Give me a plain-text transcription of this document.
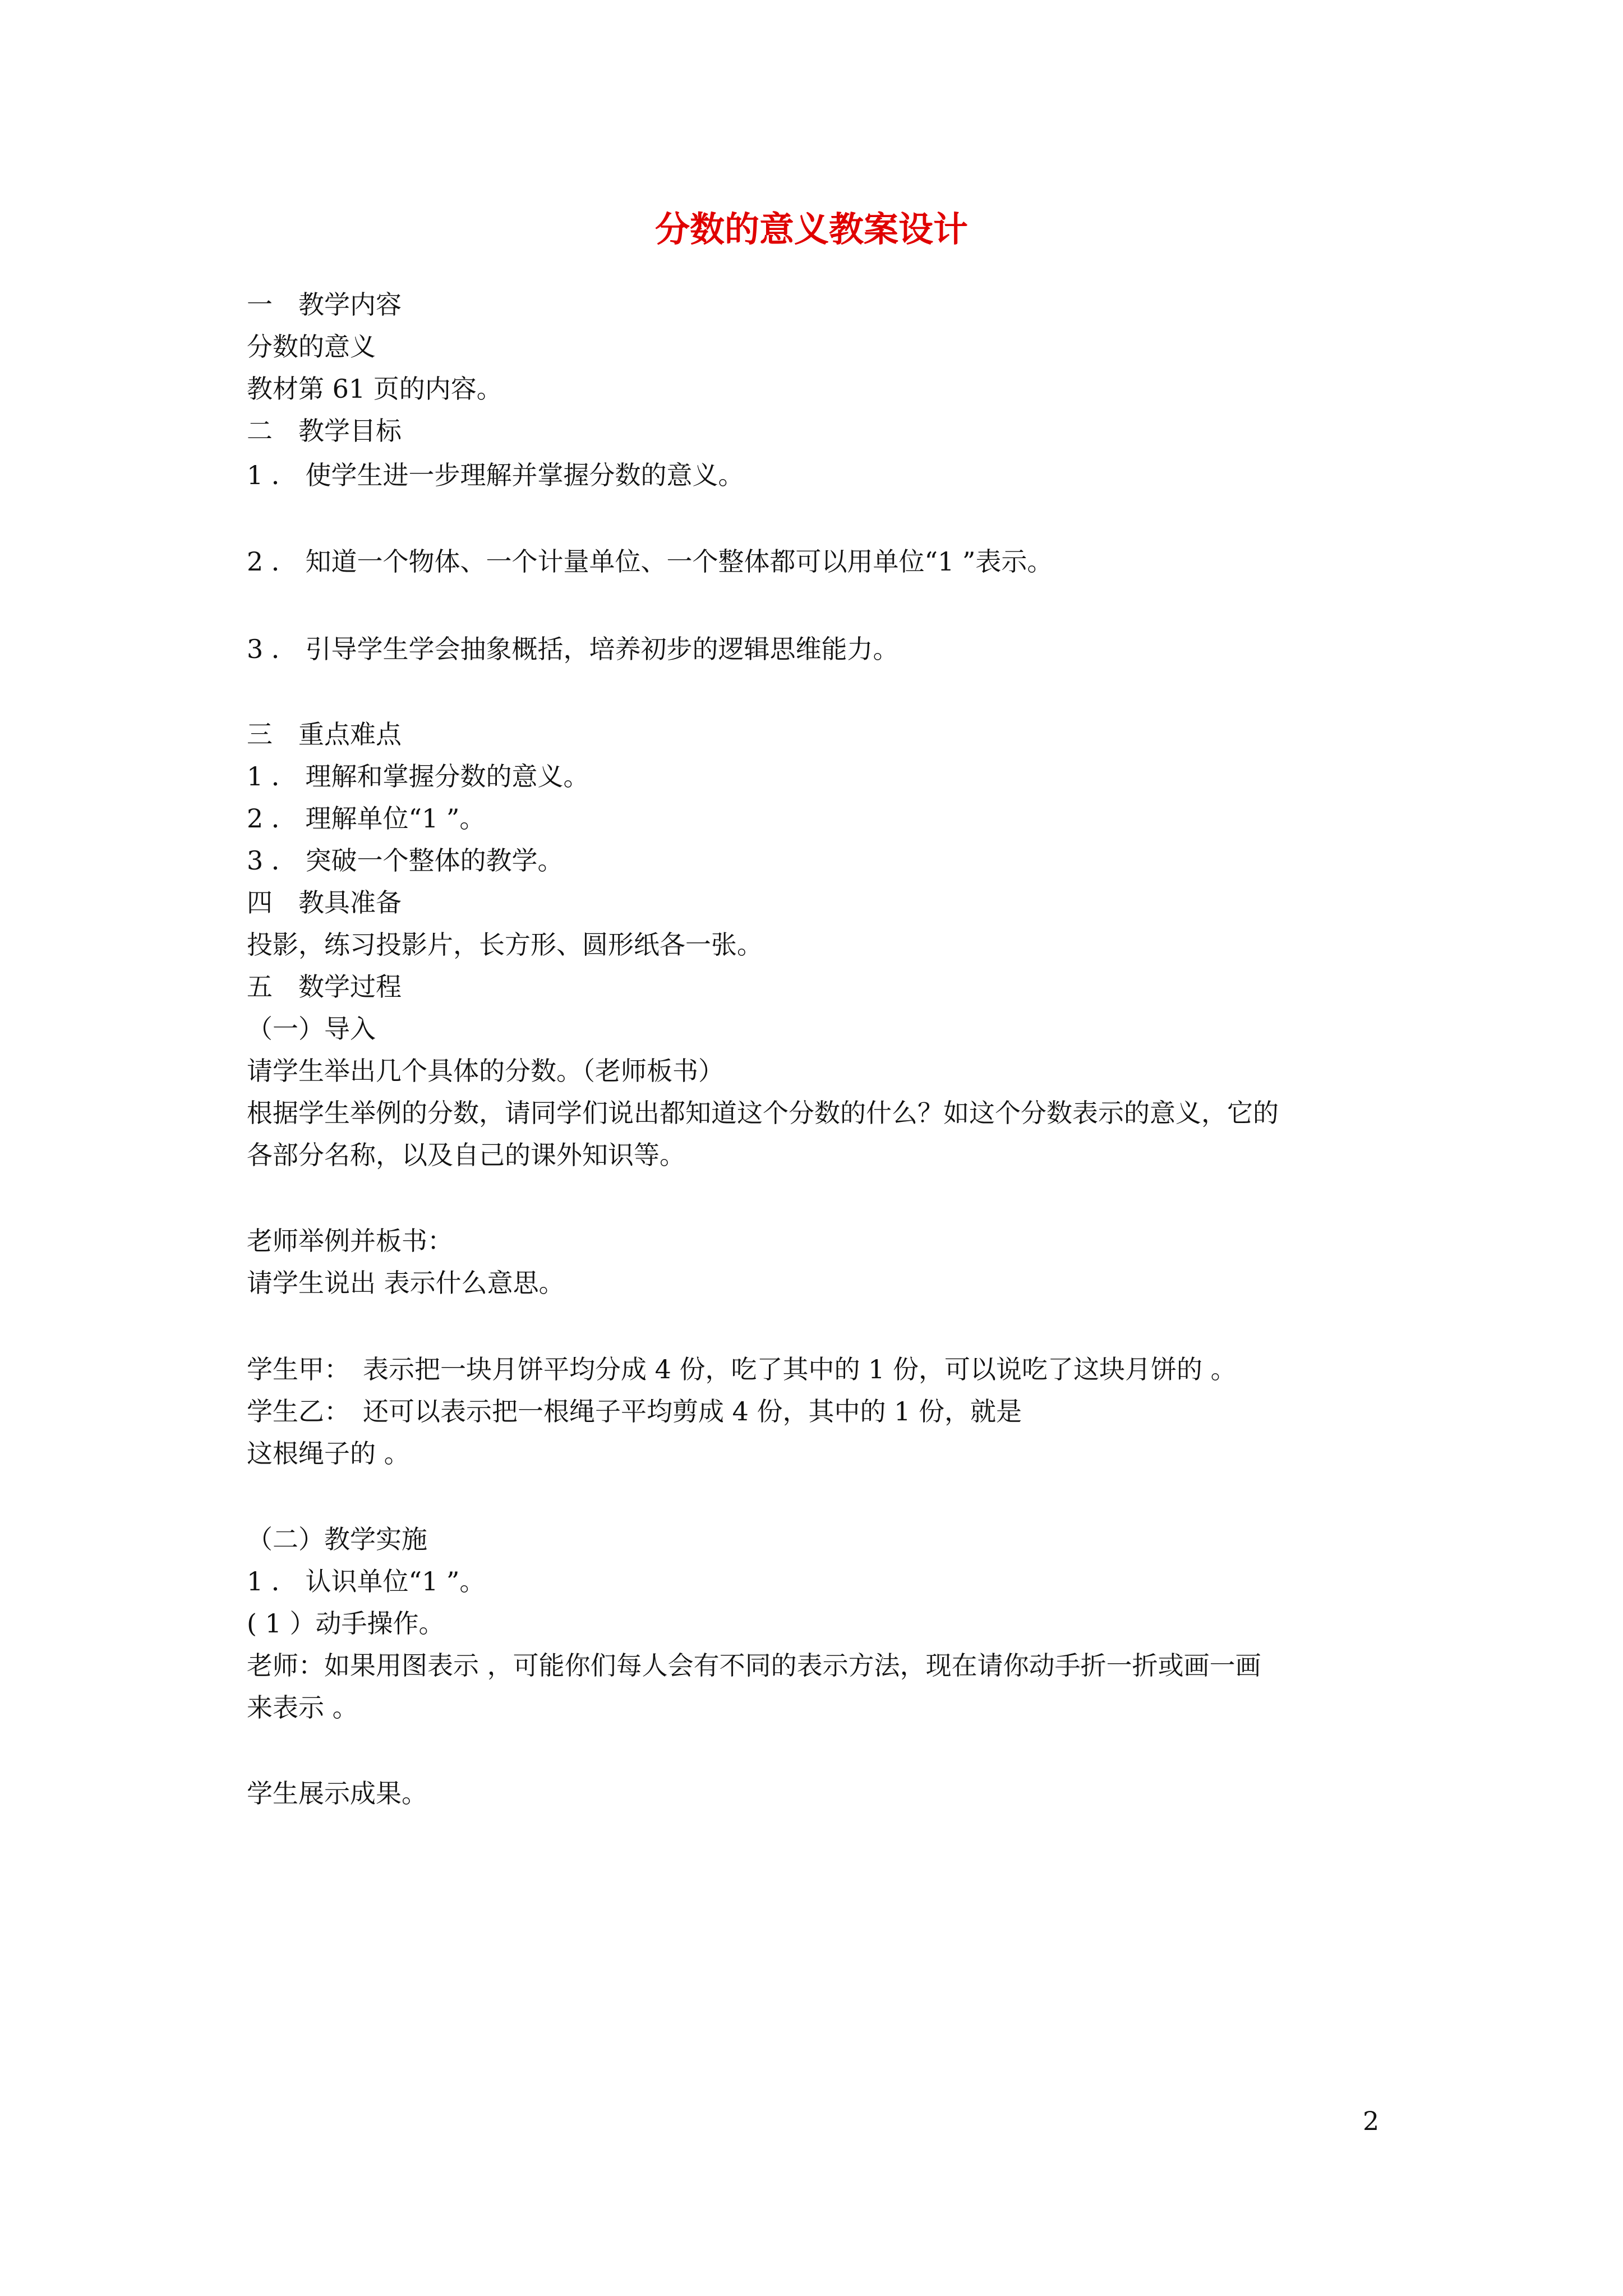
分数的意义教案设计
一　教学内容
分数的意义
教材第 61 页的内容。
二　教学目标
1 ． 使学生进一步理解并掌握分数的意义。
2 ． 知道一个物体、一个计量单位、一个整体都可以用单位“1 ”表示。
3 ． 引导学生学会抽象概括，培养初步的逻辑思维能力。
三　重点难点
1 ． 理解和掌握分数的意义。
2 ． 理解单位“1 ”。
3 ． 突破一个整体的教学。
四　教具准备
投影，练习投影片，长方形、圆形纸各一张。
五　数学过程
（一）导入
请学生举出几个具体的分数。（老师板书）
根据学生举例的分数，请同学们说出都知道这个分数的什么？如这个分数表示的意义，它的
各部分名称，以及自己的课外知识等。
老师举例并板书：
请学生说出 表示什么意思。
学生甲：　表示把一块月饼平均分成 4 份，吃了其中的 1 份，可以说吃了这块月饼的 。
学生乙：　还可以表示把一根绳子平均剪成 4 份，其中的 1 份，就是
这根绳子的 。
（二）教学实施
1 ． 认识单位“1 ”。
( 1 ）动手操作。
老师：如果用图表示 ，可能你们每人会有不同的表示方法，现在请你动手折一折或画一画
来表示 。
学生展示成果。
2
